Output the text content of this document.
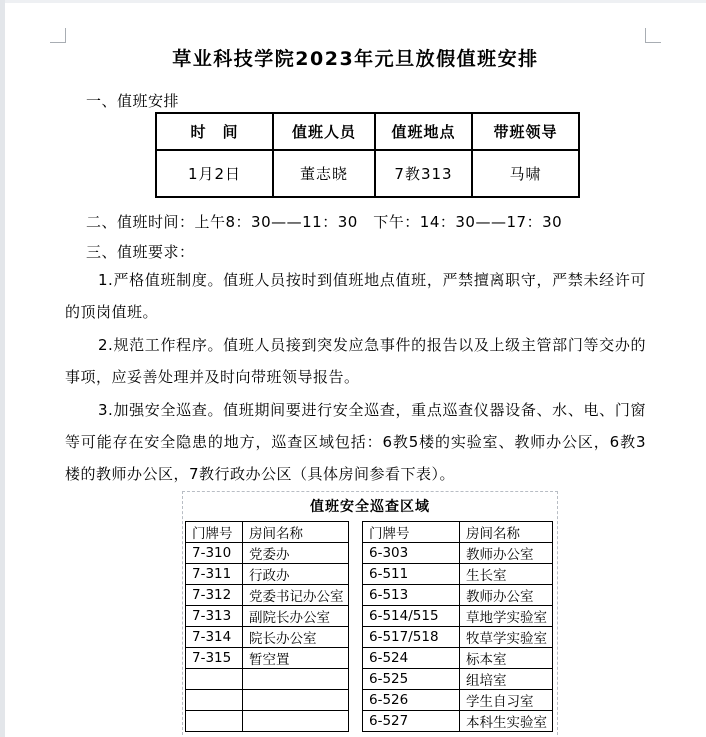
草业科技学院2023年元旦放假值班安排
一、值班安排
时　间	值班人员	值班地点	带班领导
1月2日	董志晓	7教313	马啸
二、值班时间：上午8：30——11：30　下午：14：30——17：30
三、值班要求：

1.严格值班制度。值班人员按时到值班地点值班，严禁擅离职守，严禁未经许可的顶岗值班。

2.规范工作程序。值班人员接到突发应急事件的报告以及上级主管部门等交办的事项，应妥善处理并及时向带班领导报告。

3.加强安全巡查。值班期间要进行安全巡查，重点巡查仪器设备、水、电、门窗等可能存在安全隐患的地方，巡查区域包括：6教5楼的实验室、教师办公区，6教3楼的教师办公区，7教行政办公区（具体房间参看下表）。

值班安全巡查区域
门牌号	房间名称
7-310	党委办
7-311	行政办
7-312	党委书记办公室
7-313	副院长办公室
7-314	院长办公室
7-315	暂空置

门牌号	房间名称
6-303	教师办公室
6-511	生长室
6-513	教师办公室
6-514/515	草地学实验室
6-517/518	牧草学实验室
6-524	标本室
6-525	组培室
6-526	学生自习室
6-527	本科生实验室
